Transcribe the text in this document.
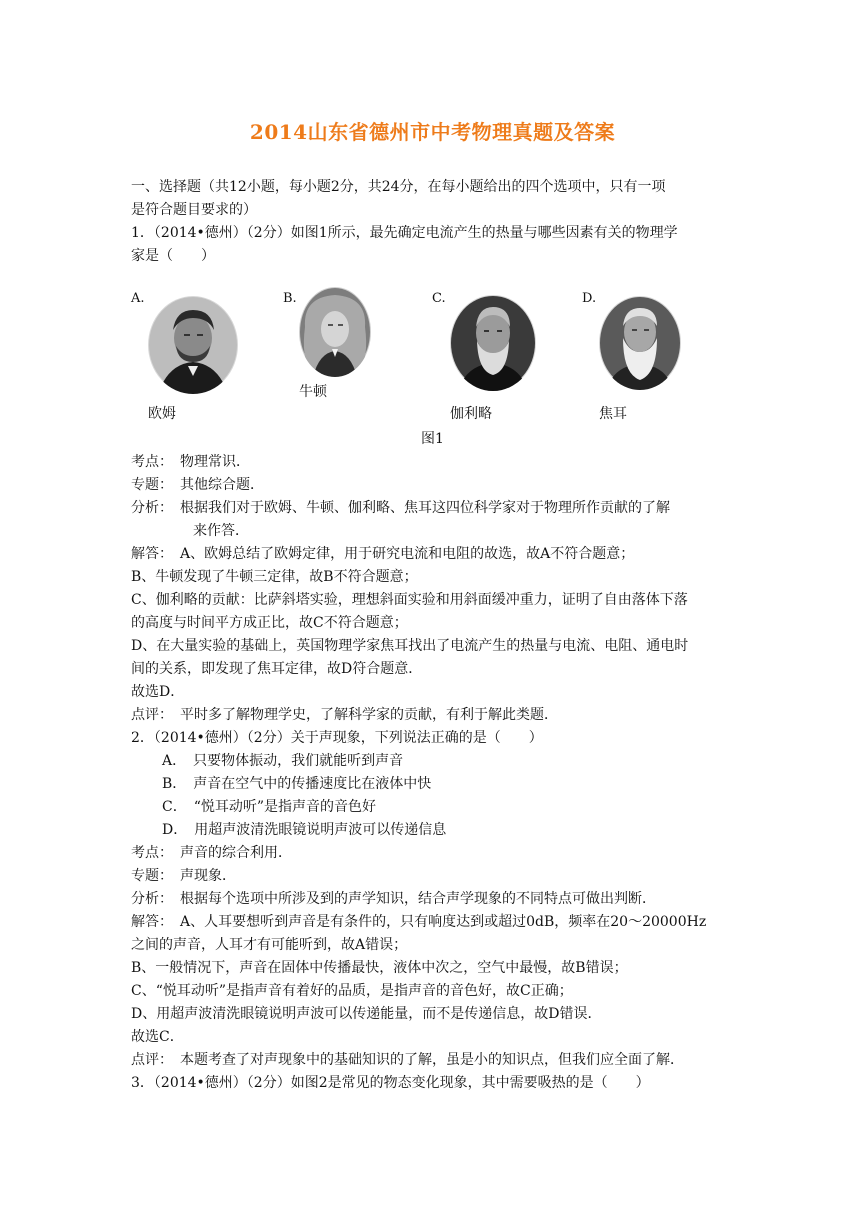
2014山东省德州市中考物理真题及答案
一、选择题（共12小题，每小题2分，共24分，在每小题给出的四个选项中，只有一项
是符合题目要求的）
1．（2014•德州）（2分）如图1所示，最先确定电流产生的热量与哪些因素有关的物理学
家是（　　）
A.	B.	C.	D.
牛顿
欧姆	伽利略	焦耳
图1
考点：　物理常识．
专题：　其他综合题．
分析：　根据我们对于欧姆、牛顿、伽利略、焦耳这四位科学家对于物理所作贡献的了解
来作答．
解答：　A、欧姆总结了欧姆定律，用于研究电流和电阻的故选，故A不符合题意；
B、牛顿发现了牛顿三定律，故B不符合题意；
C、伽利略的贡献：比萨斜塔实验，理想斜面实验和用斜面缓冲重力，证明了自由落体下落
的高度与时间平方成正比，故C不符合题意；
D、在大量实验的基础上，英国物理学家焦耳找出了电流产生的热量与电流、电阻、通电时
间的关系，即发现了焦耳定律，故D符合题意．
故选D．
点评：　平时多了解物理学史，了解科学家的贡献，有利于解此类题．
2．（2014•德州）（2分）关于声现象，下列说法正确的是（　　）
A．　只要物体振动，我们就能听到声音
B．　声音在空气中的传播速度比在液体中快
C．　“悦耳动听”是指声音的音色好
D．　用超声波清洗眼镜说明声波可以传递信息
考点：　声音的综合利用．
专题：　声现象．
分析：　根据每个选项中所涉及到的声学知识，结合声学现象的不同特点可做出判断．
解答：　A、人耳要想听到声音是有条件的，只有响度达到或超过0dB，频率在20～20000Hz
之间的声音，人耳才有可能听到，故A错误；
B、一般情况下，声音在固体中传播最快，液体中次之，空气中最慢，故B错误；
C、“悦耳动听”是指声音有着好的品质，是指声音的音色好，故C正确；
D、用超声波清洗眼镜说明声波可以传递能量，而不是传递信息，故D错误．
故选C．
点评：　本题考查了对声现象中的基础知识的了解，虽是小的知识点，但我们应全面了解．
3．（2014•德州）（2分）如图2是常见的物态变化现象，其中需要吸热的是（　　）
